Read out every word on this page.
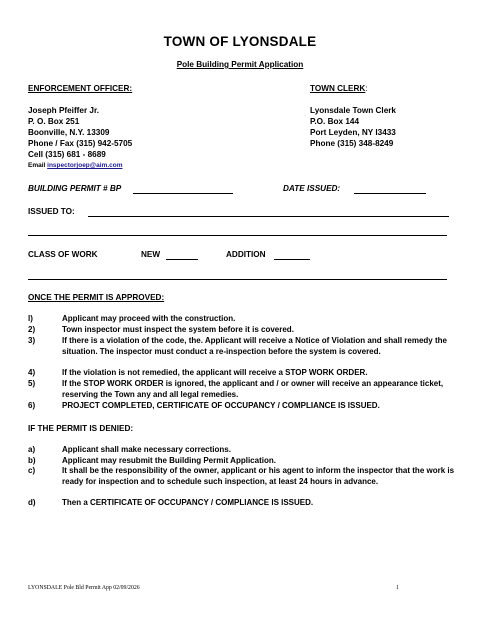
TOWN OF LYONSDALE
Pole Building Permit Application
ENFORCEMENT OFFICER:
Joseph Pfeiffer Jr.
P. O. Box 251
Boonville, N.Y. 13309
Phone / Fax (315) 942-5705
Cell (315) 681 - 8689
Email inspectorjoep@aim.com
TOWN CLERK:
Lyonsdale Town Clerk
P.O. Box 144
Port Leyden, NY I3433
Phone (315) 348-8249
BUILDING PERMIT # BP	DATE ISSUED:
ISSUED TO:
CLASS OF WORK	NEW	ADDITION
ONCE THE PERMIT IS APPROVED:
l)	Applicant may proceed with the construction.
2)	Town inspector must inspect the system before it is covered.
3)	If there is a violation of the code, the. Applicant will receive a Notice of Violation and shall remedy the situation. The inspector must conduct a re-inspection before the system is covered.
4)	If the violation is not remedied, the applicant will receive a STOP WORK ORDER.
5)	If the STOP WORK ORDER is ignored, the applicant and / or owner will receive an appearance ticket, reserving the Town any and all legal remedies.
6)	PROJECT COMPLETED, CERTIFICATE OF OCCUPANCY / COMPLIANCE IS ISSUED.
IF THE PERMIT IS DENIED:
a)	Applicant shall make necessary corrections.
b)	Applicant may resubmit the Building Permit Application.
c)	It shall be the responsibility of the owner, applicant or his agent to inform the inspector that the work is ready for inspection and to schedule such inspection, at least 24 hours in advance.
d)	Then a CERTIFICATE OF OCCUPANCY / COMPLIANCE IS ISSUED.
LYONSDALE Pole Bld Permit App 02/09/2026	1
